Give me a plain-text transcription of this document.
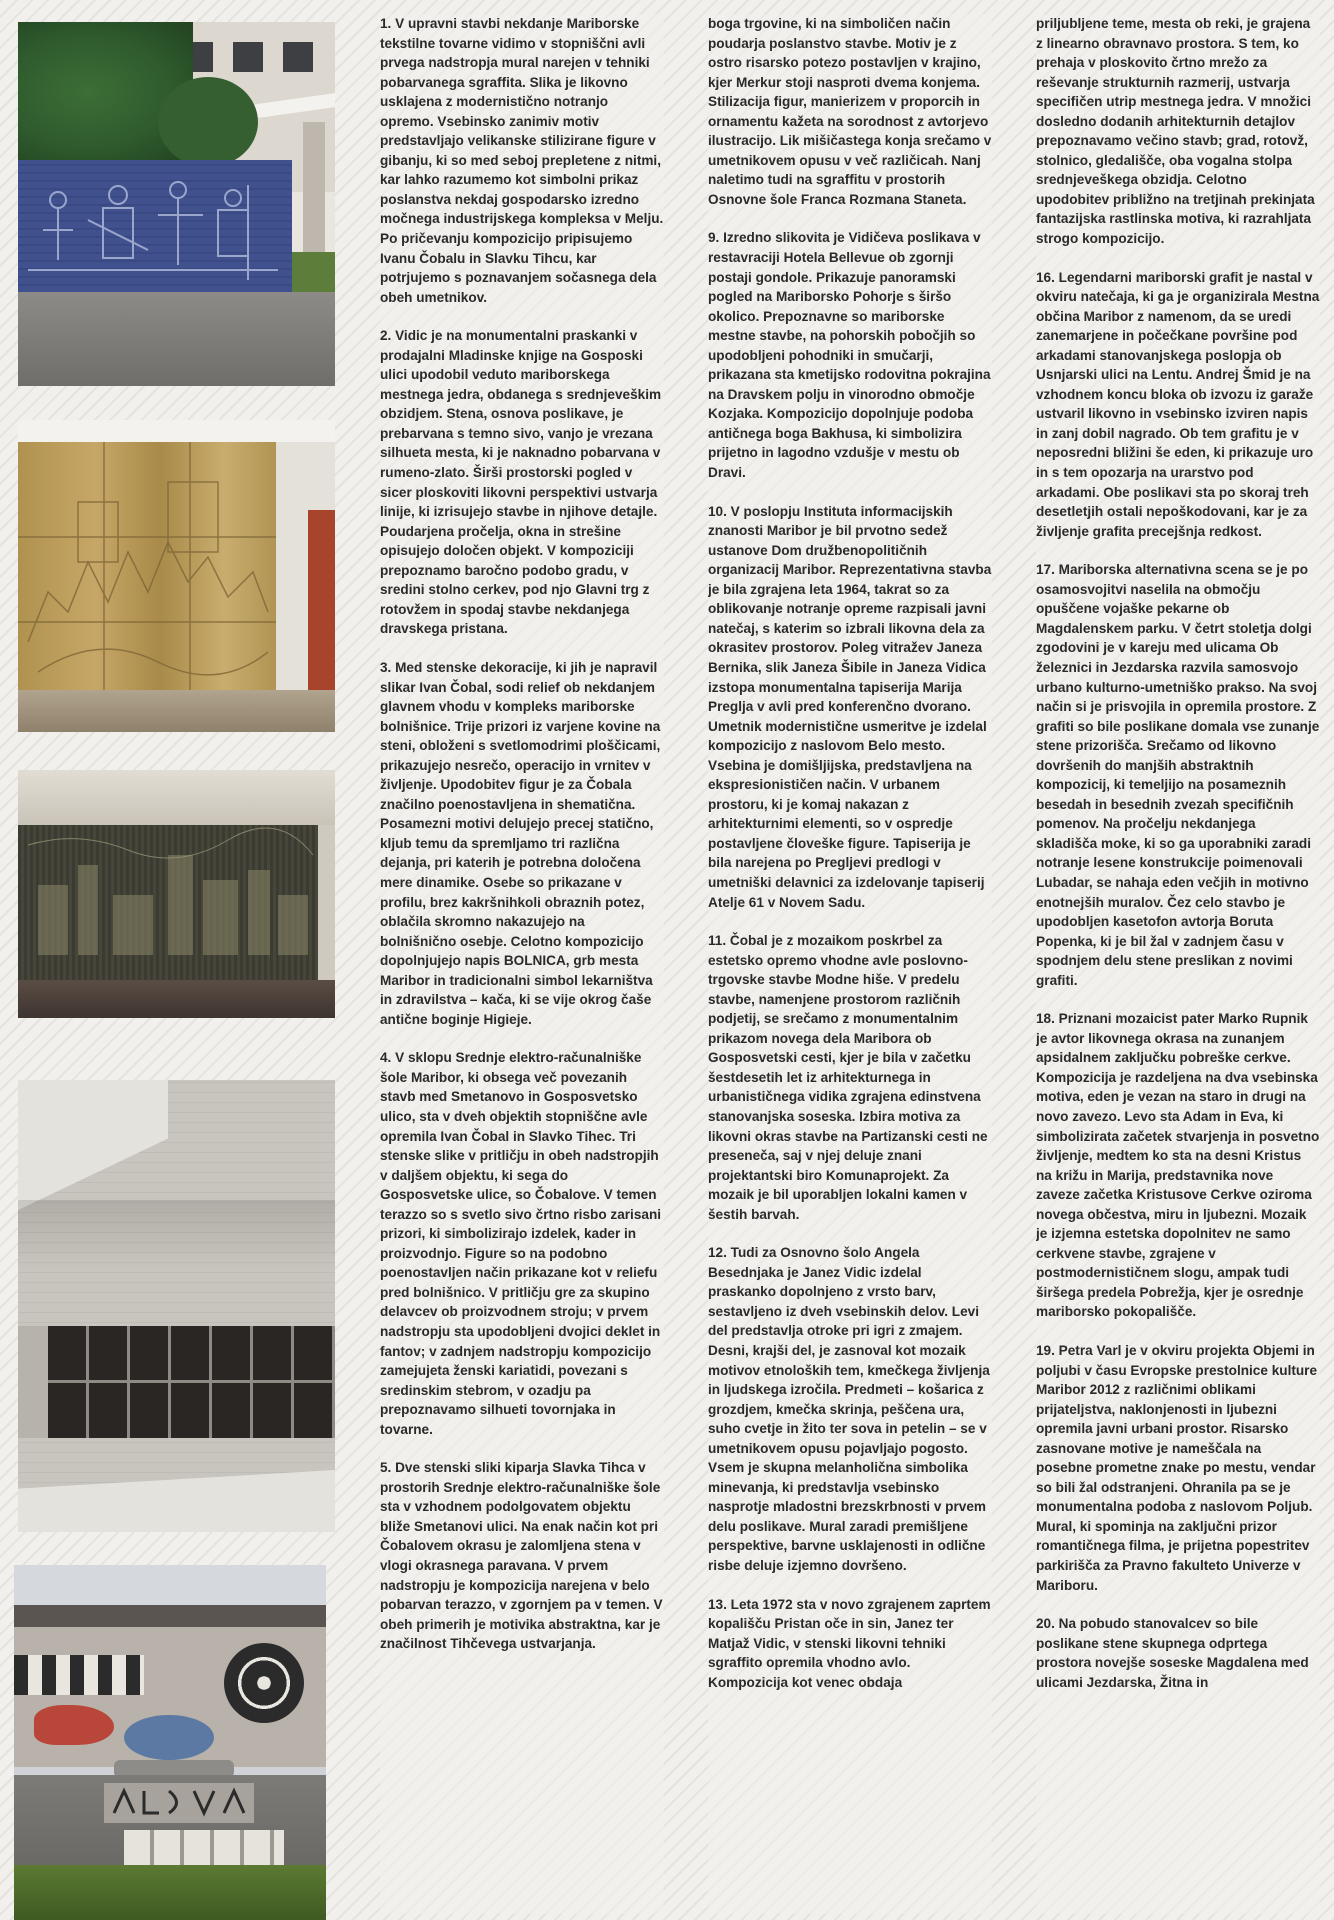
1. V upravni stavbi nekdanje Mariborske tekstilne tovarne vidimo v stopniščni avli prvega nadstropja mural narejen v tehniki pobarvanega sgraffita. Slika je likovno usklajena z modernistično notranjo opremo. Vsebinsko zanimiv motiv predstavljajo velikanske stilizirane figure v gibanju, ki so med seboj prepletene z nitmi, kar lahko razumemo kot simbolni prikaz poslanstva nekdaj gospodarsko izredno močnega industrijskega kompleksa v Melju. Po pričevanju kompozicijo pripisujemo Ivanu Čobalu in Slavku Tihcu, kar potrjujemo s poznavanjem sočasnega dela obeh umetnikov.

2. Vidic je na monumentalni praskanki v prodajalni Mladinske knjige na Gosposki ulici upodobil veduto mariborskega mestnega jedra, obdanega s srednjeveškim obzidjem. Stena, osnova poslikave, je prebarvana s temno sivo, vanjo je vrezana silhueta mesta, ki je naknadno pobarvana v rumeno-zlato. Širši prostorski pogled v sicer ploskoviti likovni perspektivi ustvarja linije, ki izrisujejo stavbe in njihove detajle. Poudarjena pročelja, okna in strešine opisujejo določen objekt. V kompoziciji prepoznamo baročno podobo gradu, v sredini stolno cerkev, pod njo Glavni trg z rotovžem in spodaj stavbe nekdanjega dravskega pristana.

3. Med stenske dekoracije, ki jih je napravil slikar Ivan Čobal, sodi relief ob nekdanjem glavnem vhodu v kompleks mariborske bolnišnice. Trije prizori iz varjene kovine na steni, obloženi s svetlomodrimi ploščicami, prikazujejo nesrečo, operacijo in vrnitev v življenje. Upodobitev figur je za Čobala značilno poenostavljena in shematična. Posamezni motivi delujejo precej statično, kljub temu da spremljamo tri različna dejanja, pri katerih je potrebna določena mere dinamike. Osebe so prikazane v profilu, brez kakršnihkoli obraznih potez, oblačila skromno nakazujejo na bolnišnično osebje. Celotno kompozicijo dopolnjujejo napis BOLNICA, grb mesta Maribor in tradicionalni simbol lekarništva in zdravilstva – kača, ki se vije okrog čaše antične boginje Higieje.

4. V sklopu Srednje elektro-računalniške šole Maribor, ki obsega več povezanih stavb med Smetanovo in Gosposvetsko ulico, sta v dveh objektih stopniščne avle opremila Ivan Čobal in Slavko Tihec. Tri stenske slike v pritličju in obeh nadstropjih v daljšem objektu, ki sega do Gosposvetske ulice, so Čobalove. V temen terazzo so s svetlo sivo črtno risbo zarisani prizori, ki simbolizirajo izdelek, kader in proizvodnjo. Figure so na podobno poenostavljen način prikazane kot v reliefu pred bolnišnico. V pritličju gre za skupino delavcev ob proizvodnem stroju; v prvem nadstropju sta upodobljeni dvojici deklet in fantov; v zadnjem nadstropju kompozicijo zamejujeta ženski kariatidi, povezani s sredinskim stebrom, v ozadju pa prepoznavamo silhueti tovornjaka in tovarne.

5. Dve stenski sliki kiparja Slavka Tihca v prostorih Srednje elektro-računalniške šole sta v vzhodnem podolgovatem objektu bliže Smetanovi ulici. Na enak način kot pri Čobalovem okrasu je zalomljena stena v vlogi okrasnega paravana. V prvem nadstropju je kompozicija narejena v belo pobarvan terazzo, v zgornjem pa v temen. V obeh primerih je motivika abstraktna, kar je značilnost Tihčevega ustvarjanja.

boga trgovine, ki na simboličen način poudarja poslanstvo stavbe. Motiv je z ostro risarsko potezo postavljen v krajino, kjer Merkur stoji nasproti dvema konjema. Stilizacija figur, manierizem v proporcih in ornamentu kažeta na sorodnost z avtorjevo ilustracijo. Lik mišičastega konja srečamo v umetnikovem opusu v več različicah. Nanj naletimo tudi na sgraffitu v prostorih Osnovne šole Franca Rozmana Staneta.

9. Izredno slikovita je Vidičeva poslikava v restavraciji Hotela Bellevue ob zgornji postaji gondole. Prikazuje panoramski pogled na Mariborsko Pohorje s širšo okolico. Prepoznavne so mariborske mestne stavbe, na pohorskih pobočjih so upodobljeni pohodniki in smučarji, prikazana sta kmetijsko rodovitna pokrajina na Dravskem polju in vinorodno območje Kozjaka. Kompozicijo dopolnjuje podoba antičnega boga Bakhusa, ki simbolizira prijetno in lagodno vzdušje v mestu ob Dravi.

10. V poslopju Instituta informacijskih znanosti Maribor je bil prvotno sedež ustanove Dom družbenopolitičnih organizacij Maribor. Reprezentativna stavba je bila zgrajena leta 1964, takrat so za oblikovanje notranje opreme razpisali javni natečaj, s katerim so izbrali likovna dela za okrasitev prostorov. Poleg vitražev Janeza Bernika, slik Janeza Šibile in Janeza Vidica izstopa monumentalna tapiserija Marija Preglja v avli pred konferenčno dvorano. Umetnik modernistične usmeritve je izdelal kompozicijo z naslovom Belo mesto. Vsebina je domišljijska, predstavljena na ekspresionističen način. V urbanem prostoru, ki je komaj nakazan z arhitekturnimi elementi, so v ospredje postavljene človeške figure. Tapiserija je bila narejena po Pregljevi predlogi v umetniški delavnici za izdelovanje tapiserij Atelje 61 v Novem Sadu.

11. Čobal je z mozaikom poskrbel za estetsko opremo vhodne avle poslovno-trgovske stavbe Modne hiše. V predelu stavbe, namenjene prostorom različnih podjetij, se srečamo z monumentalnim prikazom novega dela Maribora ob Gosposvetski cesti, kjer je bila v začetku šestdesetih let iz arhitekturnega in urbanističnega vidika zgrajena edinstvena stanovanjska soseska. Izbira motiva za likovni okras stavbe na Partizanski cesti ne preseneča, saj v njej deluje znani projektantski biro Komunaprojekt. Za mozaik je bil uporabljen lokalni kamen v šestih barvah.

12. Tudi za Osnovno šolo Angela Besednjaka je Janez Vidic izdelal praskanko dopolnjeno z vrsto barv, sestavljeno iz dveh vsebinskih delov. Levi del predstavlja otroke pri igri z zmajem. Desni, krajši del, je zasnoval kot mozaik motivov etnoloških tem, kmečkega življenja in ljudskega izročila. Predmeti – košarica z grozdjem, kmečka skrinja, peščena ura, suho cvetje in žito ter sova in petelin – se v umetnikovem opusu pojavljajo pogosto. Vsem je skupna melanholična simbolika minevanja, ki predstavlja vsebinsko nasprotje mladostni brezskrbnosti v prvem delu poslikave. Mural zaradi premišljene perspektive, barvne usklajenosti in odlične risbe deluje izjemno dovršeno.

13. Leta 1972 sta v novo zgrajenem zaprtem kopališču Pristan oče in sin, Janez ter Matjaž Vidic, v stenski likovni tehniki sgraffito opremila vhodno avlo. Kompozicija kot venec obdaja

priljubljene teme, mesta ob reki, je grajena z linearno obravnavo prostora. S tem, ko prehaja v ploskovito črtno mrežo za reševanje strukturnih razmerij, ustvarja specifičen utrip mestnega jedra. V množici dosledno dodanih arhitekturnih detajlov prepoznavamo večino stavb; grad, rotovž, stolnico, gledališče, oba vogalna stolpa srednjeveškega obzidja. Celotno upodobitev približno na tretjinah prekinjata fantazijska rastlinska motiva, ki razrahljata strogo kompozicijo.

16. Legendarni mariborski grafit je nastal v okviru natečaja, ki ga je organizirala Mestna občina Maribor z namenom, da se uredi zanemarjene in počečkane površine pod arkadami stanovanjskega poslopja ob Usnjarski ulici na Lentu. Andrej Šmid je na vzhodnem koncu bloka ob izvozu iz garaže ustvaril likovno in vsebinsko izviren napis in zanj dobil nagrado. Ob tem grafitu je v neposredni bližini še eden, ki prikazuje uro in s tem opozarja na urarstvo pod arkadami. Obe poslikavi sta po skoraj treh desetletjih ostali nepoškodovani, kar je za življenje grafita precejšnja redkost.

17. Mariborska alternativna scena se je po osamosvojitvi naselila na območju opuščene vojaške pekarne ob Magdalenskem parku. V četrt stoletja dolgi zgodovini je v kareju med ulicama Ob železnici in Jezdarska razvila samosvojo urbano kulturno-umetniško prakso. Na svoj način si je prisvojila in opremila prostore. Z grafiti so bile poslikane domala vse zunanje stene prizorišča. Srečamo od likovno dovršenih do manjših abstraktnih kompozicij, ki temeljijo na posameznih besedah in besednih zvezah specifičnih pomenov. Na pročelju nekdanjega skladišča moke, ki so ga uporabniki zaradi notranje lesene konstrukcije poimenovali Lubadar, se nahaja eden večjih in motivno enotnejših muralov. Čez celo stavbo je upodobljen kasetofon avtorja Boruta Popenka, ki je bil žal v zadnjem času v spodnjem delu stene preslikan z novimi grafiti.

18. Priznani mozaicist pater Marko Rupnik je avtor likovnega okrasa na zunanjem apsidalnem zaključku pobreške cerkve. Kompozicija je razdeljena na dva vsebinska motiva, eden je vezan na staro in drugi na novo zavezo. Levo sta Adam in Eva, ki simbolizirata začetek stvarjenja in posvetno življenje, medtem ko sta na desni Kristus na križu in Marija, predstavnika nove zaveze začetka Kristusove Cerkve oziroma novega občestva, miru in ljubezni. Mozaik je izjemna estetska dopolnitev ne samo cerkvene stavbe, zgrajene v postmodernističnem slogu, ampak tudi širšega predela Pobrežja, kjer je osrednje mariborsko pokopališče.

19. Petra Varl je v okviru projekta Objemi in poljubi v času Evropske prestolnice kulture Maribor 2012 z različnimi oblikami prijateljstva, naklonjenosti in ljubezni opremila javni urbani prostor. Risarsko zasnovane motive je nameščala na posebne prometne znake po mestu, vendar so bili žal odstranjeni. Ohranila pa se je monumentalna podoba z naslovom Poljub. Mural, ki spominja na zaključni prizor romantičnega filma, je prijetna popestritev parkirišča za Pravno fakulteto Univerze v Mariboru.

20. Na pobudo stanovalcev so bile poslikane stene skupnega odprtega prostora novejše soseske Magdalena med ulicami Jezdarska, Žitna in
